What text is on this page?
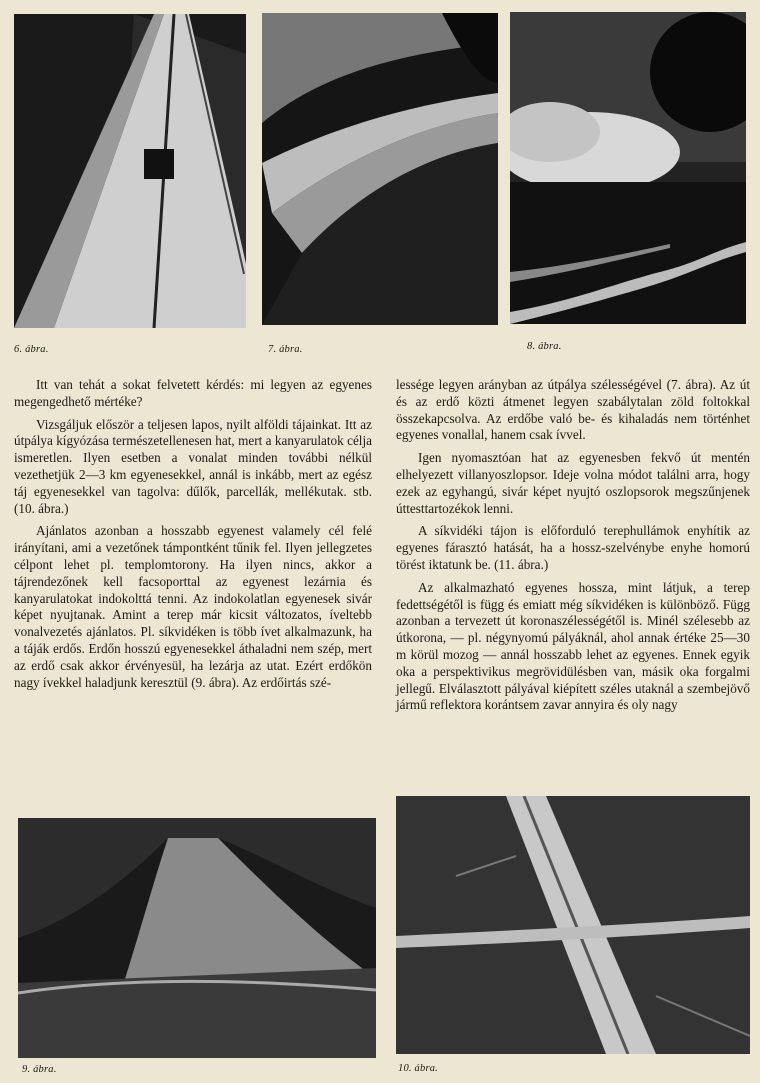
6. ábra.	7. ábra.	8. ábra.

Itt van tehát a sokat felvetett kérdés: mi legyen az egyenes megengedhető mértéke?

Vizsgáljuk először a teljesen lapos, nyilt alföldi tájainkat. Itt az útpálya kígyózása természetellenesen hat, mert a kanyarulatok célja ismeretlen. Ilyen esetben a vonalat minden további nélkül vezethetjük 2—3 km egyenesekkel, annál is inkább, mert az egész táj egyenesekkel van tagolva: dűlők, parcellák, mellékutak. stb. (10. ábra.)

Ajánlatos azonban a hosszabb egyenest valamely cél felé irányítani, ami a vezetőnek támpontként tűnik fel. Ilyen jellegzetes célpont lehet pl. templomtorony. Ha ilyen nincs, akkor a tájrendezőnek kell facsoporttal az egyenest lezárnia és kanyarulatokat indokolttá tenni. Az indokolatlan egyenesek sivár képet nyujtanak. Amint a terep már kicsit változatos, íveltebb vonalvezetés ajánlatos. Pl. síkvidéken is több ívet alkalmazunk, ha a táják erdős. Erdőn hosszú egyenesekkel áthaladni nem szép, mert az erdő csak akkor érvényesül, ha lezárja az utat. Ezért erdőkön nagy ívekkel haladjunk keresztül (9. ábra). Az erdőirtás szé-

lessége legyen arányban az útpálya szélességével (7. ábra). Az út és az erdő közti átmenet legyen szabálytalan zöld foltokkal összekapcsolva. Az erdőbe való be- és kihaladás nem történhet egyenes vonallal, hanem csak ívvel.

Igen nyomasztóan hat az egyenesben fekvő út mentén elhelyezett villanyoszlopsor. Ideje volna módot találni arra, hogy ezek az egyhangú, sivár képet nyujtó oszlopsorok megszűnjenek úttesttartozékok lenni.

A síkvidéki tájon is előforduló terephullámok enyhítik az egyenes fárasztó hatását, ha a hossz-szelvénybe enyhe homorú törést iktatunk be. (11. ábra.)

Az alkalmazható egyenes hossza, mint látjuk, a terep fedettségétől is függ és emiatt még síkvidéken is különböző. Függ azonban a tervezett út koronaszélességétől is. Minél szélesebb az útkorona, — pl. négynyomú pályáknál, ahol annak értéke 25—30 m körül mozog — annál hosszabb lehet az egyenes. Ennek egyik oka a perspektivikus megrövidülésben van, másik oka forgalmi jellegű. Elválasztott pályával kiépített széles utaknál a szembejövő jármű reflektora korántsem zavar annyira és oly nagy

9. ábra.	10. ábra.
